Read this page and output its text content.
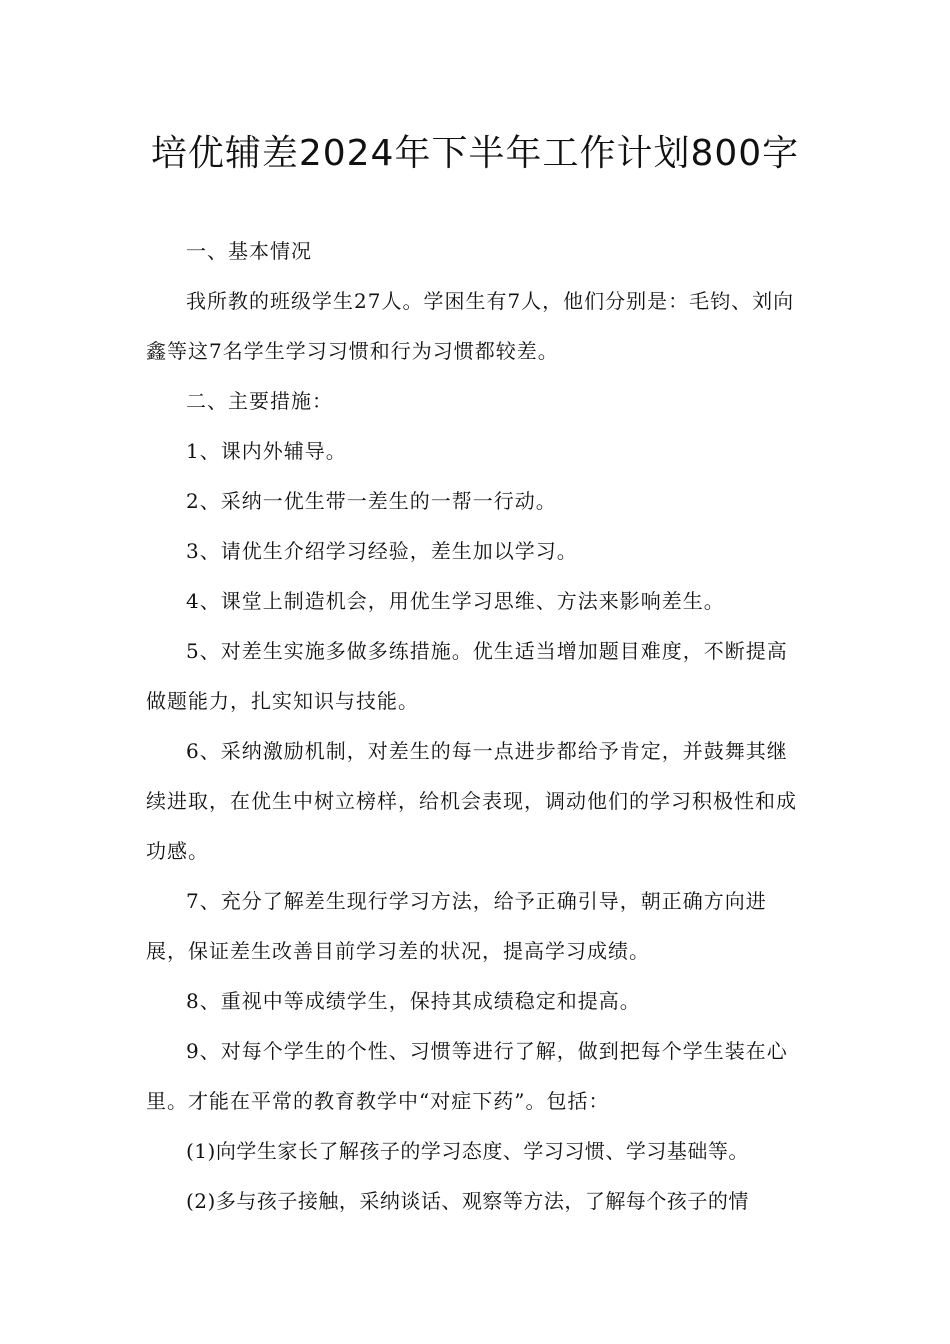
培优辅差2024年下半年工作计划800字

一、基本情况

我所教的班级学生27人。学困生有7人，他们分别是：毛钧、刘向鑫等这7名学生学习习惯和行为习惯都较差。

二、主要措施：

1、课内外辅导。

2、采纳一优生带一差生的一帮一行动。

3、请优生介绍学习经验，差生加以学习。

4、课堂上制造机会，用优生学习思维、方法来影响差生。

5、对差生实施多做多练措施。优生适当增加题目难度，不断提高做题能力，扎实知识与技能。

6、采纳激励机制，对差生的每一点进步都给予肯定，并鼓舞其继续进取，在优生中树立榜样，给机会表现，调动他们的学习积极性和成功感。

7、充分了解差生现行学习方法，给予正确引导，朝正确方向进展，保证差生改善目前学习差的状况，提高学习成绩。

8、重视中等成绩学生，保持其成绩稳定和提高。

9、对每个学生的个性、习惯等进行了解，做到把每个学生装在心里。才能在平常的教育教学中“对症下药”。包括：

(1)向学生家长了解孩子的学习态度、学习习惯、学习基础等。

(2)多与孩子接触，采纳谈话、观察等方法，了解每个孩子的情
